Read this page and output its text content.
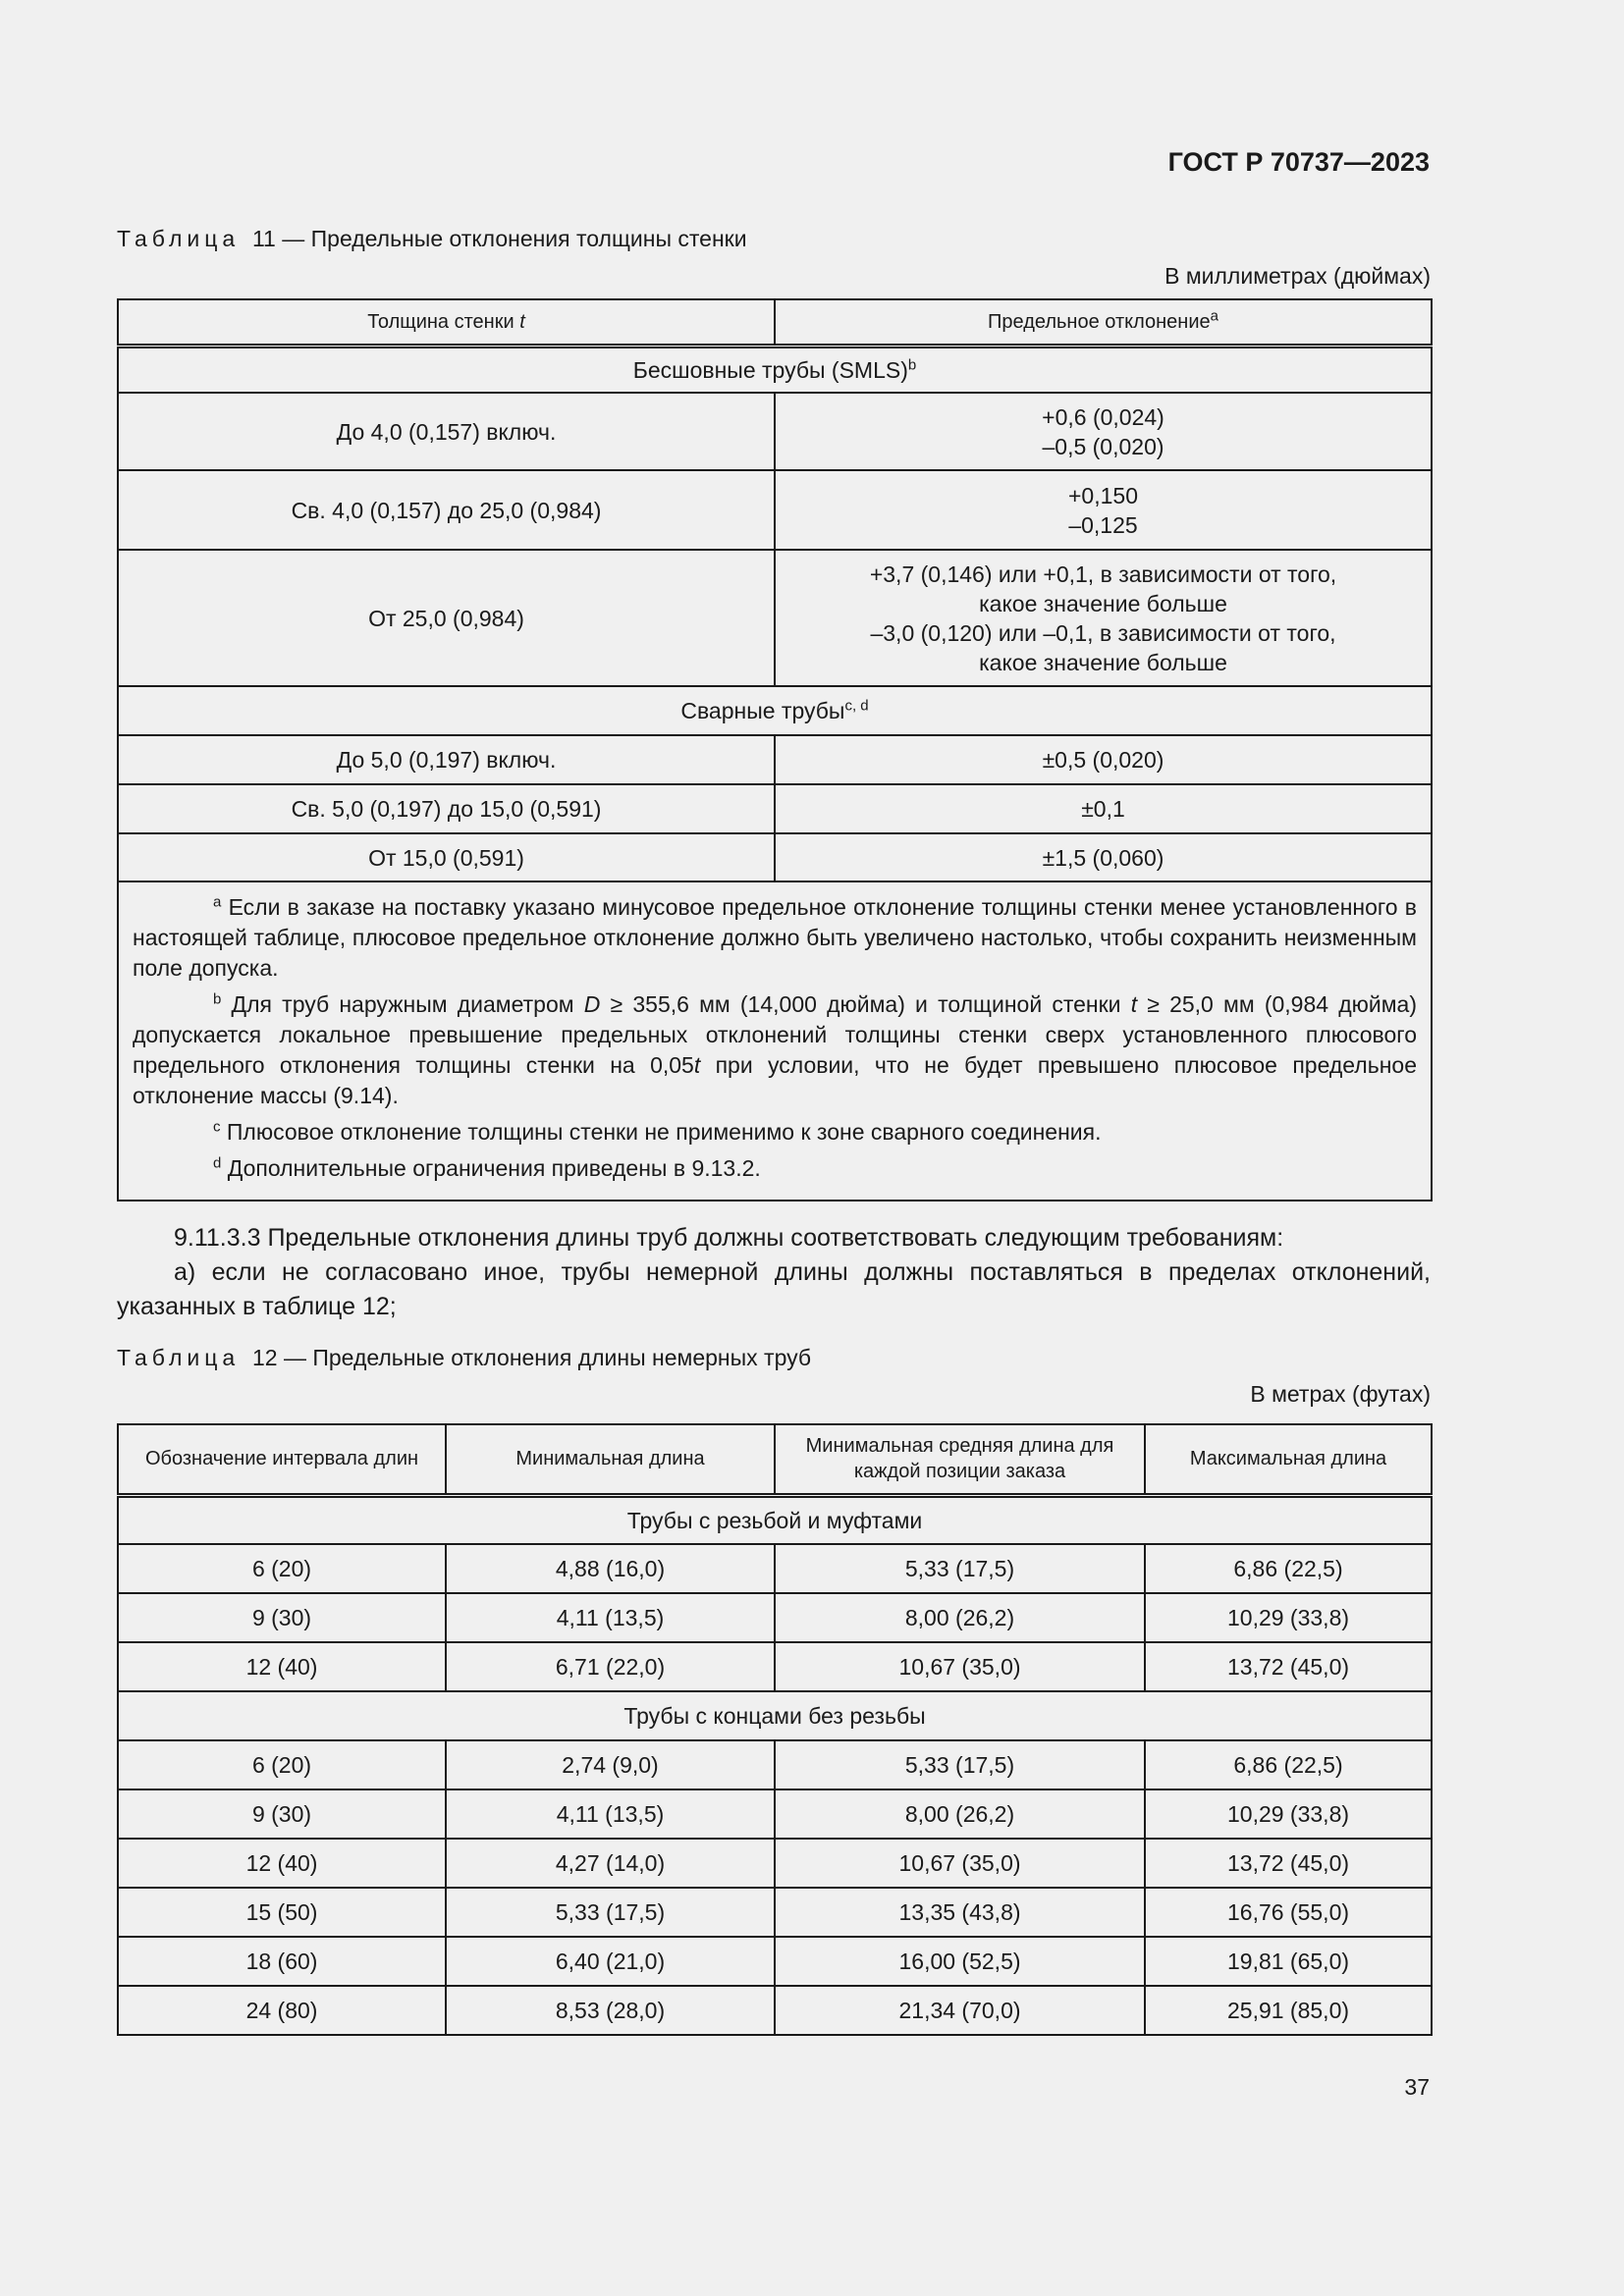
ГОСТ Р 70737—2023
Таблица 11 — Предельные отклонения толщины стенки
В миллиметрах (дюймах)
Толщина стенки t	Предельное отклонение$^a$
Бесшовные трубы (SMLS)$^b$
До 4,0 (0,157) включ.	+0,6 (0,024)
–0,5 (0,020)

Св. 4,0 (0,157) до 25,0 (0,984)	+0,150
–0,125

От 25,0 (0,984)	+3,7 (0,146) или +0,1, в зависимости от того,
какое значение больше
–3,0 (0,120) или –0,1, в зависимости от того,
какое значение больше

Сварные трубы$^{c, d}$
До 5,0 (0,197) включ.	±0,5 (0,020)
Св. 5,0 (0,197) до 15,0 (0,591)	±0,1
От 15,0 (0,591)	±1,5 (0,060)

$^a$ Если в заказе на поставку указано минусовое предельное отклонение толщины стенки менее установленного в настоящей таблице, плюсовое предельное отклонение должно быть увеличено настолько, чтобы сохранить неизменным поле допуска.

$^b$ Для труб наружным диаметром D ≥ 355,6 мм (14,000 дюйма) и толщиной стенки t ≥ 25,0 мм (0,984 дюйма) допускается локальное превышение предельных отклонений толщины стенки сверх установленного плюсового предельного отклонения толщины стенки на 0,05t при условии, что не будет превышено плюсовое предельное отклонение массы (9.14).

$^c$ Плюсовое отклонение толщины стенки не применимо к зоне сварного соединения.

$^d$ Дополнительные ограничения приведены в 9.13.2.	

9.11.3.3 Предельные отклонения длины труб должны соответствовать следующим требованиям:

а) если не согласовано иное, трубы немерной длины должны поставляться в пределах отклонений, указанных в таблице 12;

Таблица 12 — Предельные отклонения длины немерных труб
В метрах (футах)
Обозначение интервала длин	Минимальная длина	Минимальная средняя длина для каждой позиции заказа	Максимальная длина
Трубы с резьбой и муфтами			
6 (20)	4,88 (16,0)	5,33 (17,5)	6,86 (22,5)
9 (30)	4,11 (13,5)	8,00 (26,2)	10,29 (33,8)
12 (40)	6,71 (22,0)	10,67 (35,0)	13,72 (45,0)
Трубы с концами без резьбы			
6 (20)	2,74 (9,0)	5,33 (17,5)	6,86 (22,5)
9 (30)	4,11 (13,5)	8,00 (26,2)	10,29 (33,8)
12 (40)	4,27 (14,0)	10,67 (35,0)	13,72 (45,0)
15 (50)	5,33 (17,5)	13,35 (43,8)	16,76 (55,0)
18 (60)	6,40 (21,0)	16,00 (52,5)	19,81 (65,0)
24 (80)	8,53 (28,0)	21,34 (70,0)	25,91 (85,0)
37
